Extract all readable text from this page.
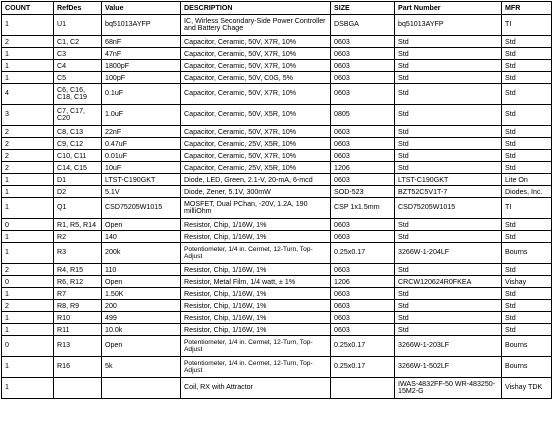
COUNT	RefDes	Value	DESCRIPTION	SIZE	Part Number	MFR
1	U1	bq51013AYFP	IC, Wirless Secondary-Side Power Controller and Battery Chage	DSBGA	bq51013AYFP	TI
2	C1, C2	68nF	Capacitor, Ceramic, 50V, X7R, 10%	0603	Std	Std
1	C3	47nF	Capacitor, Ceramic, 50V, X7R, 10%	0603	Std	Std
1	C4	1800pF	Capacitor, Ceramic, 50V, X7R, 10%	0603	Std	Std
1	C5	100pF	Capacitor, Ceramic, 50V, C0G, 5%	0603	Std	Std
4	C6, C16, C18, C19	0.1uF	Capacitor, Ceramic, 50V, X7R, 10%	0603	Std	Std
3	C7, C17, C20	1.0uF	Capacitor, Ceramic, 50V, X5R, 10%	0805	Std	Std
2	C8, C13	22nF	Capacitor, Ceramic, 50V, X7R, 10%	0603	Std	Std
2	C9, C12	0.47uF	Capacitor, Ceramic, 25V, X5R, 10%	0603	Std	Std
2	C10, C11	0.01uF	Capacitor, Ceramic, 50V, X7R, 10%	0603	Std	Std
2	C14, C15	10uF	Capacitor, Ceramic, 25V, X5R, 10%	1206	Std	Std
1	D1	LTST-C190GKT	Diode, LED, Green, 2.1-V, 20-mA, 6-mcd	0603	LTST-C190GKT	Lite On
1	D2	5.1V	Diode, Zener, 5.1V, 300mW	SOD-523	BZT52C5V1T-7	Diodes, Inc.
1	Q1	CSD75205W1015	MOSFET, Dual PChan, -20V, 1.2A, 190 milliOhm	CSP 1x1.5mm	CSD75205W1015	TI
0	R1, R5, R14	Open	Resistor, Chip, 1/16W, 1%	0603	Std	Std
1	R2	140	Resistor, Chip, 1/16W, 1%	0603	Std	Std
1	R3	200k	Potentiometer, 1/4 in. Cermet, 12-Turn, Top-Adjust	0.25x0.17	3266W-1-204LF	Bourns
2	R4, R15	110	Resistor, Chip, 1/16W, 1%	0603	Std	Std
0	R6, R12	Open	Resistor, Metal Film, 1/4 watt, ± 1%	1206	CRCW120624R0FKEA	Vishay
1	R7	1.50K	Resistor, Chip, 1/16W, 1%	0603	Std	Std
2	R8, R9	200	Resistor, Chip, 1/16W, 1%	0603	Std	Std
1	R10	499	Resistor, Chip, 1/16W, 1%	0603	Std	Std
1	R11	10.0k	Resistor, Chip, 1/16W, 1%	0603	Std	Std
0	R13	Open	Potentiometer, 1/4 in. Cermet, 12-Turn, Top-Adjust	0.25x0.17	3266W-1-203LF	Bourns
1	R16	5k	Potentiometer, 1/4 in. Cermet, 12-Turn, Top-Adjust	0.25x0.17	3266W-1-502LF	Bourns
1			Coil, RX with Attractor		IWAS-4832FF-50 WR-483250-15M2-G	Vishay TDK
